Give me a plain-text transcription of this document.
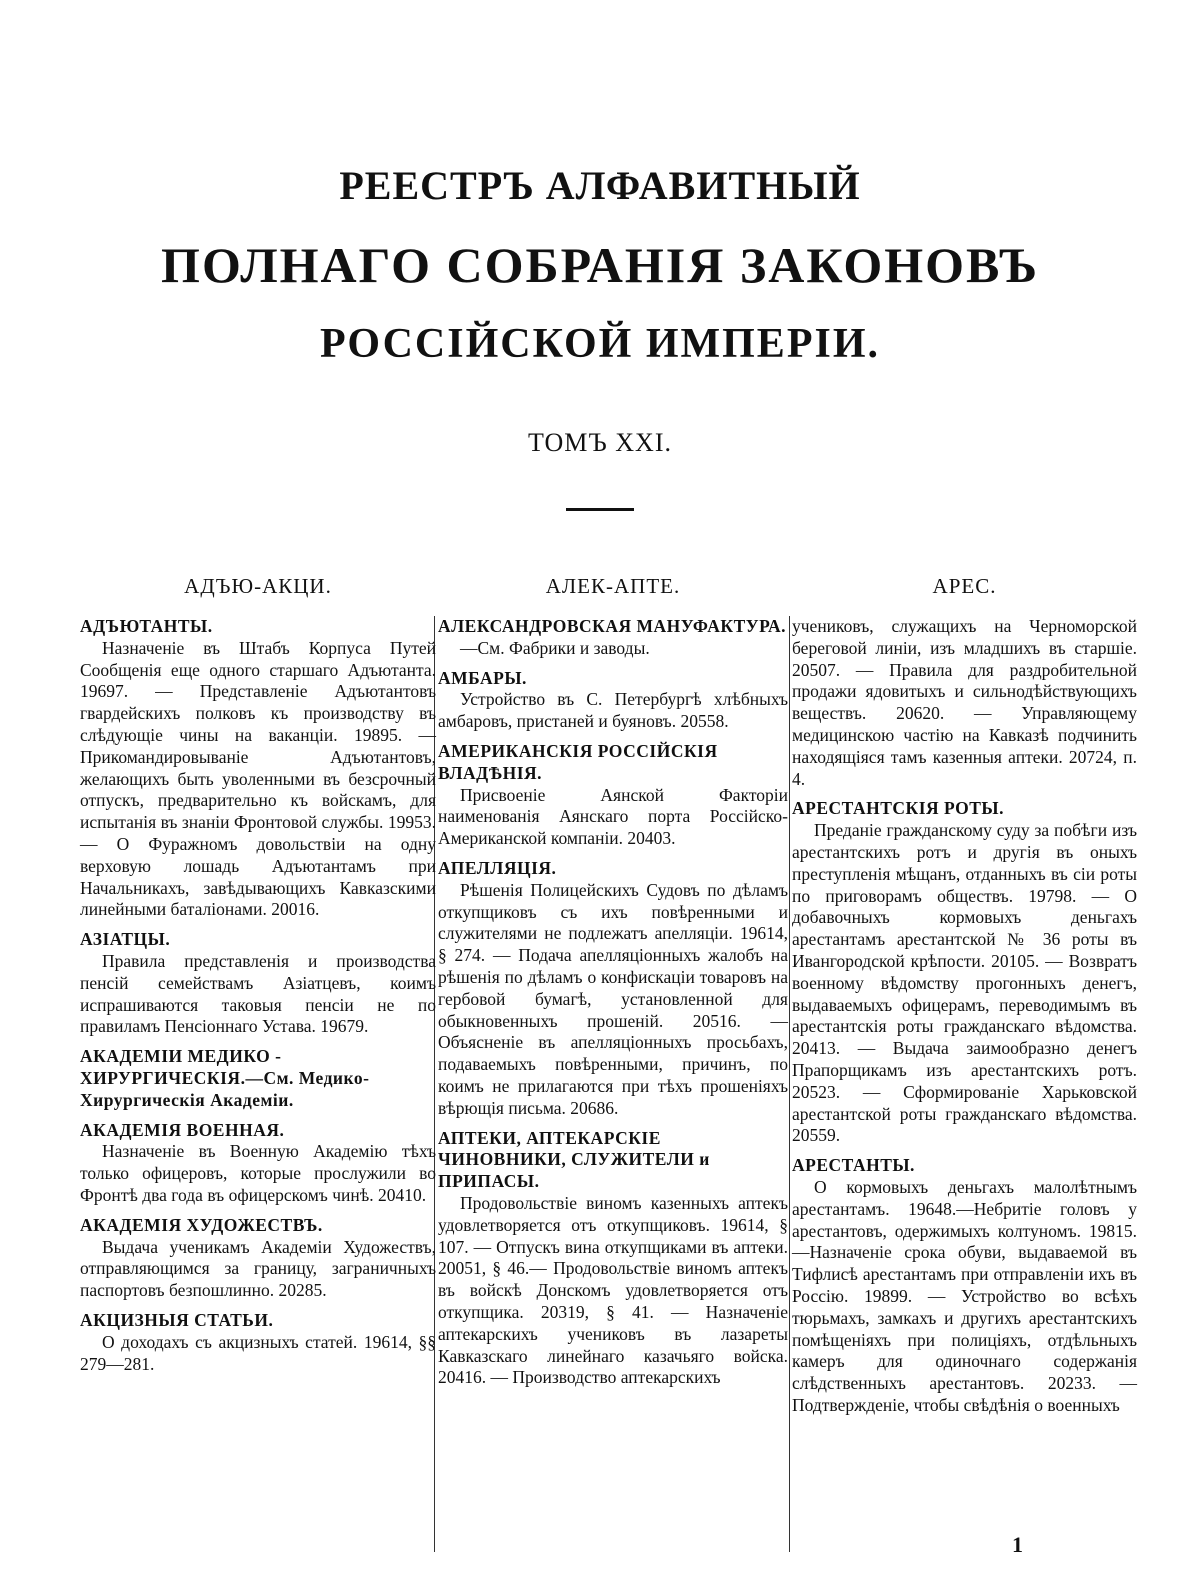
РЕЕСТРЪ АЛФАВИТНЫЙ
ПОЛНАГО СОБРАНІЯ ЗАКОНОВЪ
РОССІЙСКОЙ ИМПЕРІИ.
ТОМЪ XXI.
АДЪЮ-АКЦИ.
АДЪЮТАНТЫ.
Назначеніе въ Штабъ Корпуса Путей Сообщенія еще одного старшаго Адъютанта. 19697. — Представленіе Адъютантовъ гвардейскихъ полковъ къ производству въ слѣдующіе чины на ваканціи. 19895. — Прикомандировываніе Адъютантовъ, желающихъ быть уволенными въ безсрочный отпускъ, предварительно къ войскамъ, для испытанія въ знаніи Фронтовой службы. 19953. — О Фуражномъ довольствіи на одну верховую лошадь Адъютантамъ при Начальникахъ, завѣдывающихъ Кавказскими линейными баталіонами. 20016.
АЗІАТЦЫ.
Правила представленія и производства пенсій семействамъ Азіатцевъ, коимъ испрашиваются таковыя пенсіи не по правиламъ Пенсіоннаго Устава. 19679.
АКАДЕМІИ МЕДИКО - ХИРУРГИЧЕСКІЯ.—См. Медико-Хирургическія Академіи.
АКАДЕМІЯ ВОЕННАЯ.
Назначеніе въ Военную Академію тѣхъ только офицеровъ, которые прослужили во Фронтѣ два года въ офицерскомъ чинѣ. 20410.
АКАДЕМІЯ ХУДОЖЕСТВЪ.
Выдача ученикамъ Академіи Художествъ, отправляющимся за границу, заграничныхъ паспортовъ безпошлинно. 20285.
АКЦИЗНЫЯ СТАТЬИ.
О доходахъ съ акцизныхъ статей. 19614, §§ 279—281.
АЛЕК-АПТЕ.
АЛЕКСАНДРОВСКАЯ МАНУФАКТУРА.
—См. Фабрики и заводы.
АМБАРЫ.
Устройство въ С. Петербургѣ хлѣбныхъ амбаровъ, пристаней и буяновъ. 20558.
АМЕРИКАНСКІЯ РОССІЙСКІЯ ВЛАДѢНІЯ.
Присвоеніе Аянской Факторіи наименованія Аянскаго порта Россійско-Американской компаніи. 20403.
АПЕЛЛЯЦІЯ.
Рѣшенія Полицейскихъ Судовъ по дѣламъ откупщиковъ съ ихъ повѣренными и служителями не подлежатъ апелляціи. 19614, § 274. — Подача апелляціонныхъ жалобъ на рѣшенія по дѣламъ о конфискаціи товаровъ на гербовой бумагѣ, установленной для обыкновенныхъ прошеній. 20516. — Объясненіе въ апелляціонныхъ просьбахъ, подаваемыхъ повѣренными, причинъ, по коимъ не прилагаются при тѣхъ прошеніяхъ вѣрющія письма. 20686.
АПТЕКИ, АПТЕКАРСКІЕ ЧИНОВНИКИ, СЛУЖИТЕЛИ и ПРИПАСЫ.
Продовольствіе виномъ казенныхъ аптекъ удовлетворяется отъ откупщиковъ. 19614, § 107. — Отпускъ вина откупщиками въ аптеки. 20051, § 46.— Продовольствіе виномъ аптекъ въ войскѣ Донскомъ удовлетворяется отъ откупщика. 20319, § 41. — Назначеніе аптекарскихъ учениковъ въ лазареты Кавказскаго линейнаго казачьяго войска. 20416. — Производство аптекарскихъ
АРЕС.
учениковъ, служащихъ на Черноморской береговой линіи, изъ младшихъ въ старшіе. 20507. — Правила для раздробительной продажи ядовитыхъ и сильнодѣйствующихъ веществъ. 20620. — Управляющему медицинскою частію на Кавказѣ подчинить находящіяся тамъ казенныя аптеки. 20724, п. 4.
АРЕСТАНТСКІЯ РОТЫ.
Преданіе гражданскому суду за побѣги изъ арестантскихъ ротъ и другія въ оныхъ преступленія мѣщанъ, отданныхъ въ сіи роты по приговорамъ обществъ. 19798. — О добавочныхъ кормовыхъ деньгахъ арестантамъ арестантской № 36 роты въ Ивангородской крѣпости. 20105. — Возвратъ военному вѣдомству прогонныхъ денегъ, выдаваемыхъ офицерамъ, переводимымъ въ арестантскія роты гражданскаго вѣдомства. 20413. — Выдача заимообразно денегъ Прапорщикамъ изъ арестантскихъ ротъ. 20523. — Сформированіе Харьковской арестантской роты гражданскаго вѣдомства. 20559.
АРЕСТАНТЫ.
О кормовыхъ деньгахъ малолѣтнымъ арестантамъ. 19648.—Небритіе головъ у арестантовъ, одержимыхъ колтуномъ. 19815.—Назначеніе срока обуви, выдаваемой въ Тифлисѣ арестантамъ при отправленіи ихъ въ Россію. 19899. — Устройство во всѣхъ тюрьмахъ, замкахъ и другихъ арестантскихъ помѣщеніяхъ при полиціяхъ, отдѣльныхъ камеръ для одиночнаго содержанія слѣдственныхъ арестантовъ. 20233. — Подтвержденіе, чтобы свѣдѣнія о военныхъ
1
